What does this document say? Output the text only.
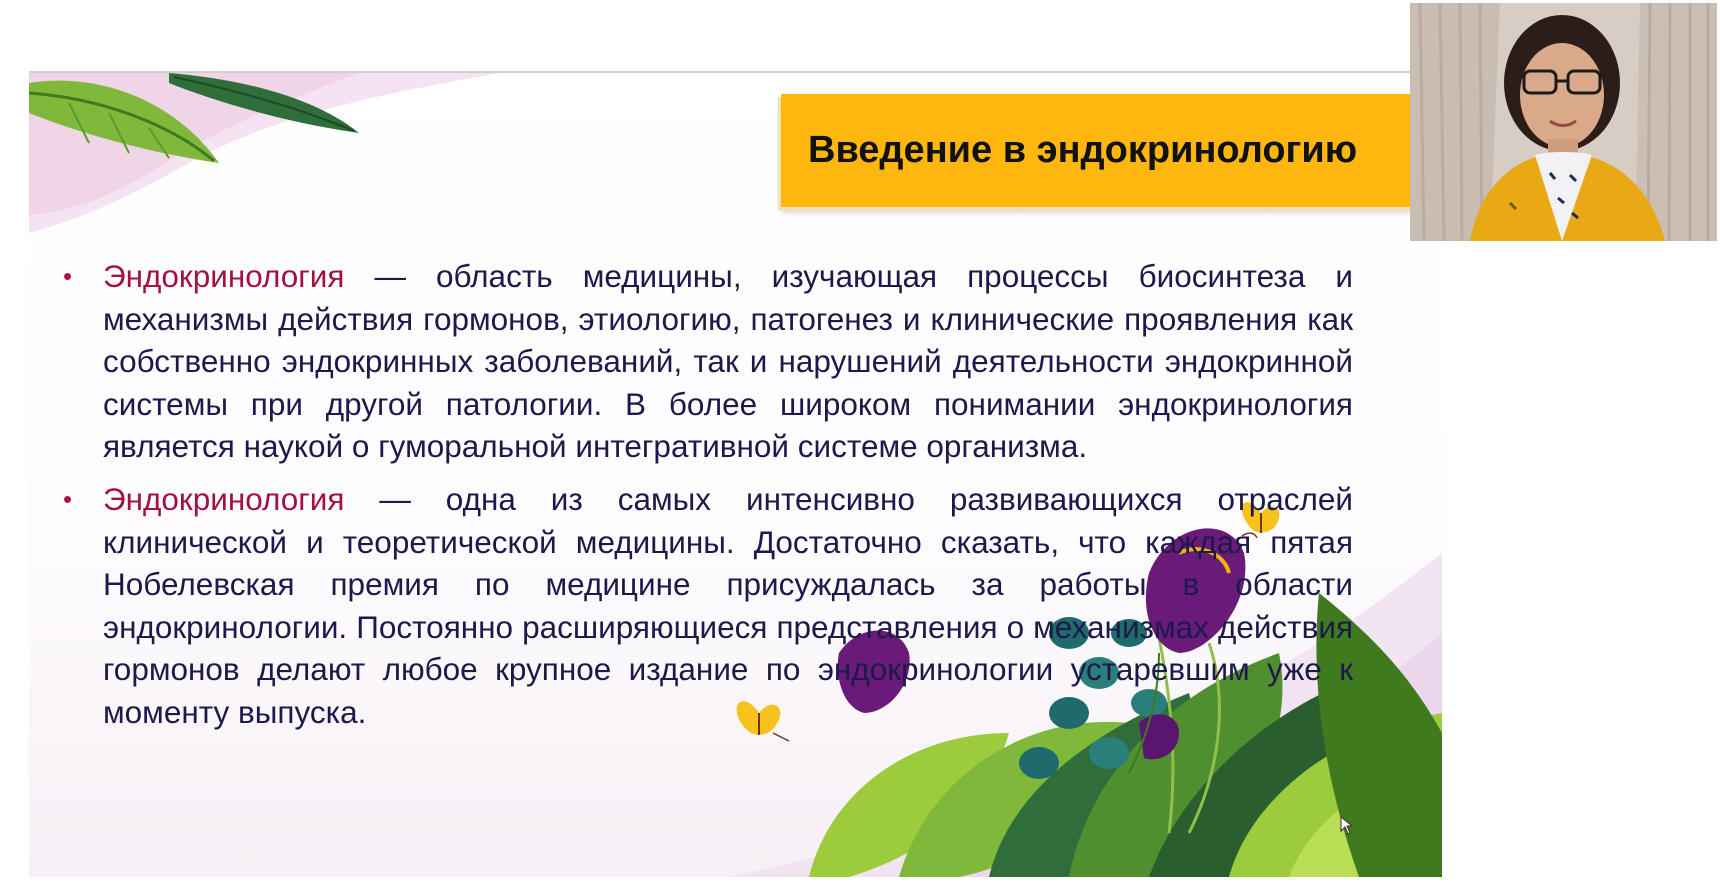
Введение в эндокринологию
• Эндокринология — область медицины, изучающая процессы биосинтеза и механизмы действия гормонов, этиологию, патогенез и клинические проявления как собственно эндокринных заболеваний, так и нарушений деятельности эндокринной системы при другой патологии. В более широком понимании эндокринология является наукой о гуморальной интегративной системе организма.
• Эндокринология — одна из самых интенсивно развивающихся отраслей клинической и теоретической медицины. Достаточно сказать, что каждая пятая Нобелевская премия по медицине присуждалась за работы в области эндокринологии. Постоянно расширяющиеся представления о механизмах действия гормонов делают любое крупное издание по эндокринологии устаревшим уже к моменту выпуска.
